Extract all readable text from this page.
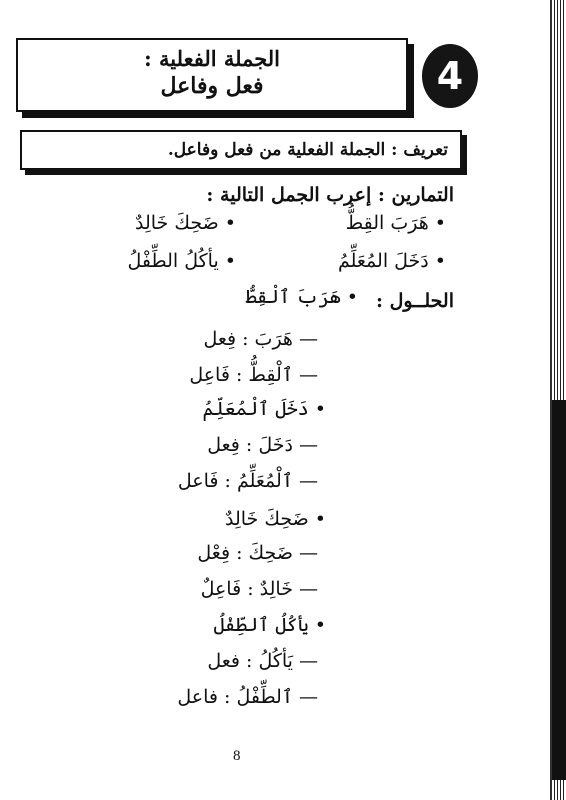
الجملة الفعلية :
فعل وفاعل	4
تعريف : الجملة الفعلية من فعل وفاعل.
التمارين : إعرب الجمل التالية :
• هَرَبَ القِطُّ
• ضَحِكَ خَالِدٌ
• دَخَلَ المُعَلِّمُ
• يأكُلُ الطِّفْلُ
الحلــول :
• هَرَبَ ٱلْقِطُّ
— هَرَبَ : فِعل
— ٱلْقِطُّ : فَاعِل
• دَخَلَ ٱلْمُعَلِّمُ
— دَخَلَ : فِعل
— ٱلْمُعَلِّمُ : فَاعل
• ضَحِكَ خَالِدٌ
— ضَحِكَ : فِعْل
— خَالِدٌ : فَاعِلٌ
• يأكُلُ ٱلطِّفْلُ
— يَأكُلُ : فعل
— ٱلطِّفْلُ : فاعل
8
